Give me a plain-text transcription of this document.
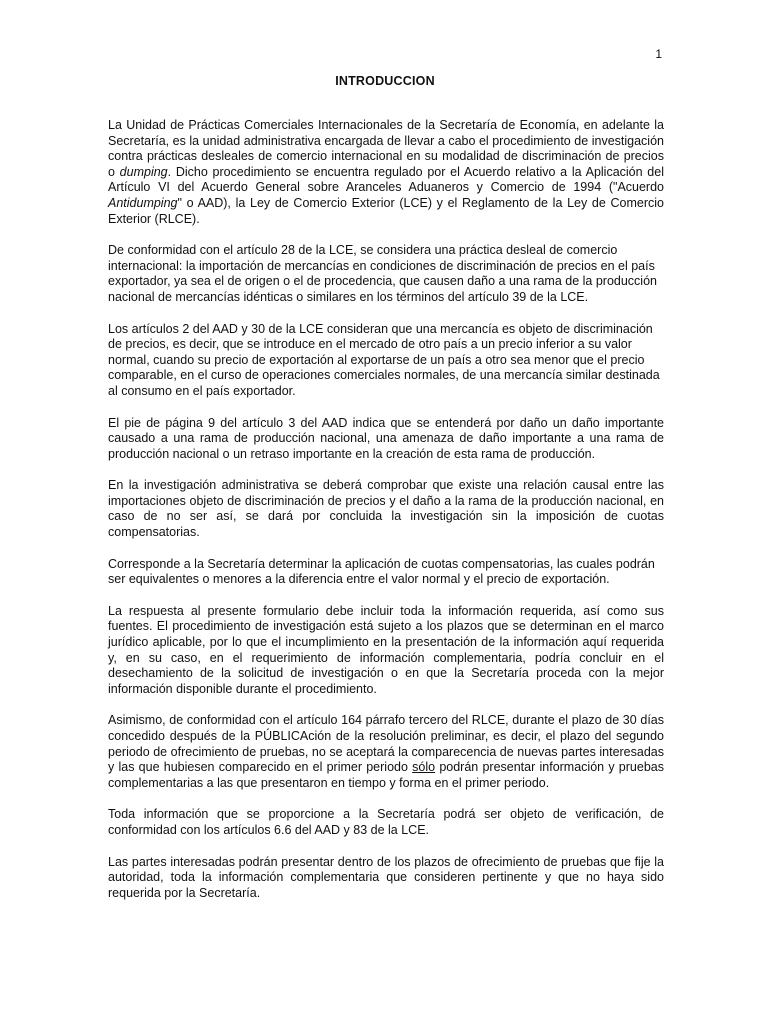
1
INTRODUCCION

La Unidad de Prácticas Comerciales Internacionales de la Secretaría de Economía, en adelante la Secretaría, es la unidad administrativa encargada de llevar a cabo el procedimiento de investigación contra prácticas desleales de comercio internacional en su modalidad de discriminación de precios o dumping. Dicho procedimiento se encuentra regulado por el Acuerdo relativo a la Aplicación del Artículo VI del Acuerdo General sobre Aranceles Aduaneros y Comercio de 1994 ("Acuerdo Antidumping" o AAD), la Ley de Comercio Exterior (LCE) y el Reglamento de la Ley de Comercio Exterior (RLCE).

De conformidad con el artículo 28 de la LCE, se considera una práctica desleal de comercio internacional: la importación de mercancías en condiciones de discriminación de precios en el país exportador, ya sea el de origen o el de procedencia, que causen daño a una rama de la producción nacional de mercancías idénticas o similares en los términos del artículo 39 de la LCE.

Los artículos 2 del AAD y 30 de la LCE consideran que una mercancía es objeto de discriminación de precios, es decir, que se introduce en el mercado de otro país a un precio inferior a su valor normal, cuando su precio de exportación al exportarse de un país a otro sea menor que el precio comparable, en el curso de operaciones comerciales normales, de una mercancía similar destinada al consumo en el país exportador.

El pie de página 9 del artículo 3 del AAD indica que se entenderá por daño un daño importante causado a una rama de producción nacional, una amenaza de daño importante a una rama de producción nacional o un retraso importante en la creación de esta rama de producción.

En la investigación administrativa se deberá comprobar que existe una relación causal entre las importaciones objeto de discriminación de precios y el daño a la rama de la producción nacional, en caso de no ser así, se dará por concluida la investigación sin la imposición de cuotas compensatorias.

Corresponde a la Secretaría determinar la aplicación de cuotas compensatorias, las cuales podrán ser equivalentes o menores a la diferencia entre el valor normal y el precio de exportación.

La respuesta al presente formulario debe incluir toda la información requerida, así como sus fuentes. El procedimiento de investigación está sujeto a los plazos que se determinan en el marco jurídico aplicable, por lo que el incumplimiento en la presentación de la información aquí requerida y, en su caso, en el requerimiento de información complementaria, podría concluir en el desechamiento de la solicitud de investigación o en que la Secretaría proceda con la mejor información disponible durante el procedimiento.

Asimismo, de conformidad con el artículo 164 párrafo tercero del RLCE, durante el plazo de 30 días concedido después de la PÚBLICAción de la resolución preliminar, es decir, el plazo del segundo periodo de ofrecimiento de pruebas, no se aceptará la comparecencia de nuevas partes interesadas y las que hubiesen comparecido en el primer periodo sólo podrán presentar información y pruebas complementarias a las que presentaron en tiempo y forma en el primer periodo.

Toda información que se proporcione a la Secretaría podrá ser objeto de verificación, de conformidad con los artículos 6.6 del AAD y 83 de la LCE.

Las partes interesadas podrán presentar dentro de los plazos de ofrecimiento de pruebas que fije la autoridad, toda la información complementaria que consideren pertinente y que no haya sido requerida por la Secretaría.
